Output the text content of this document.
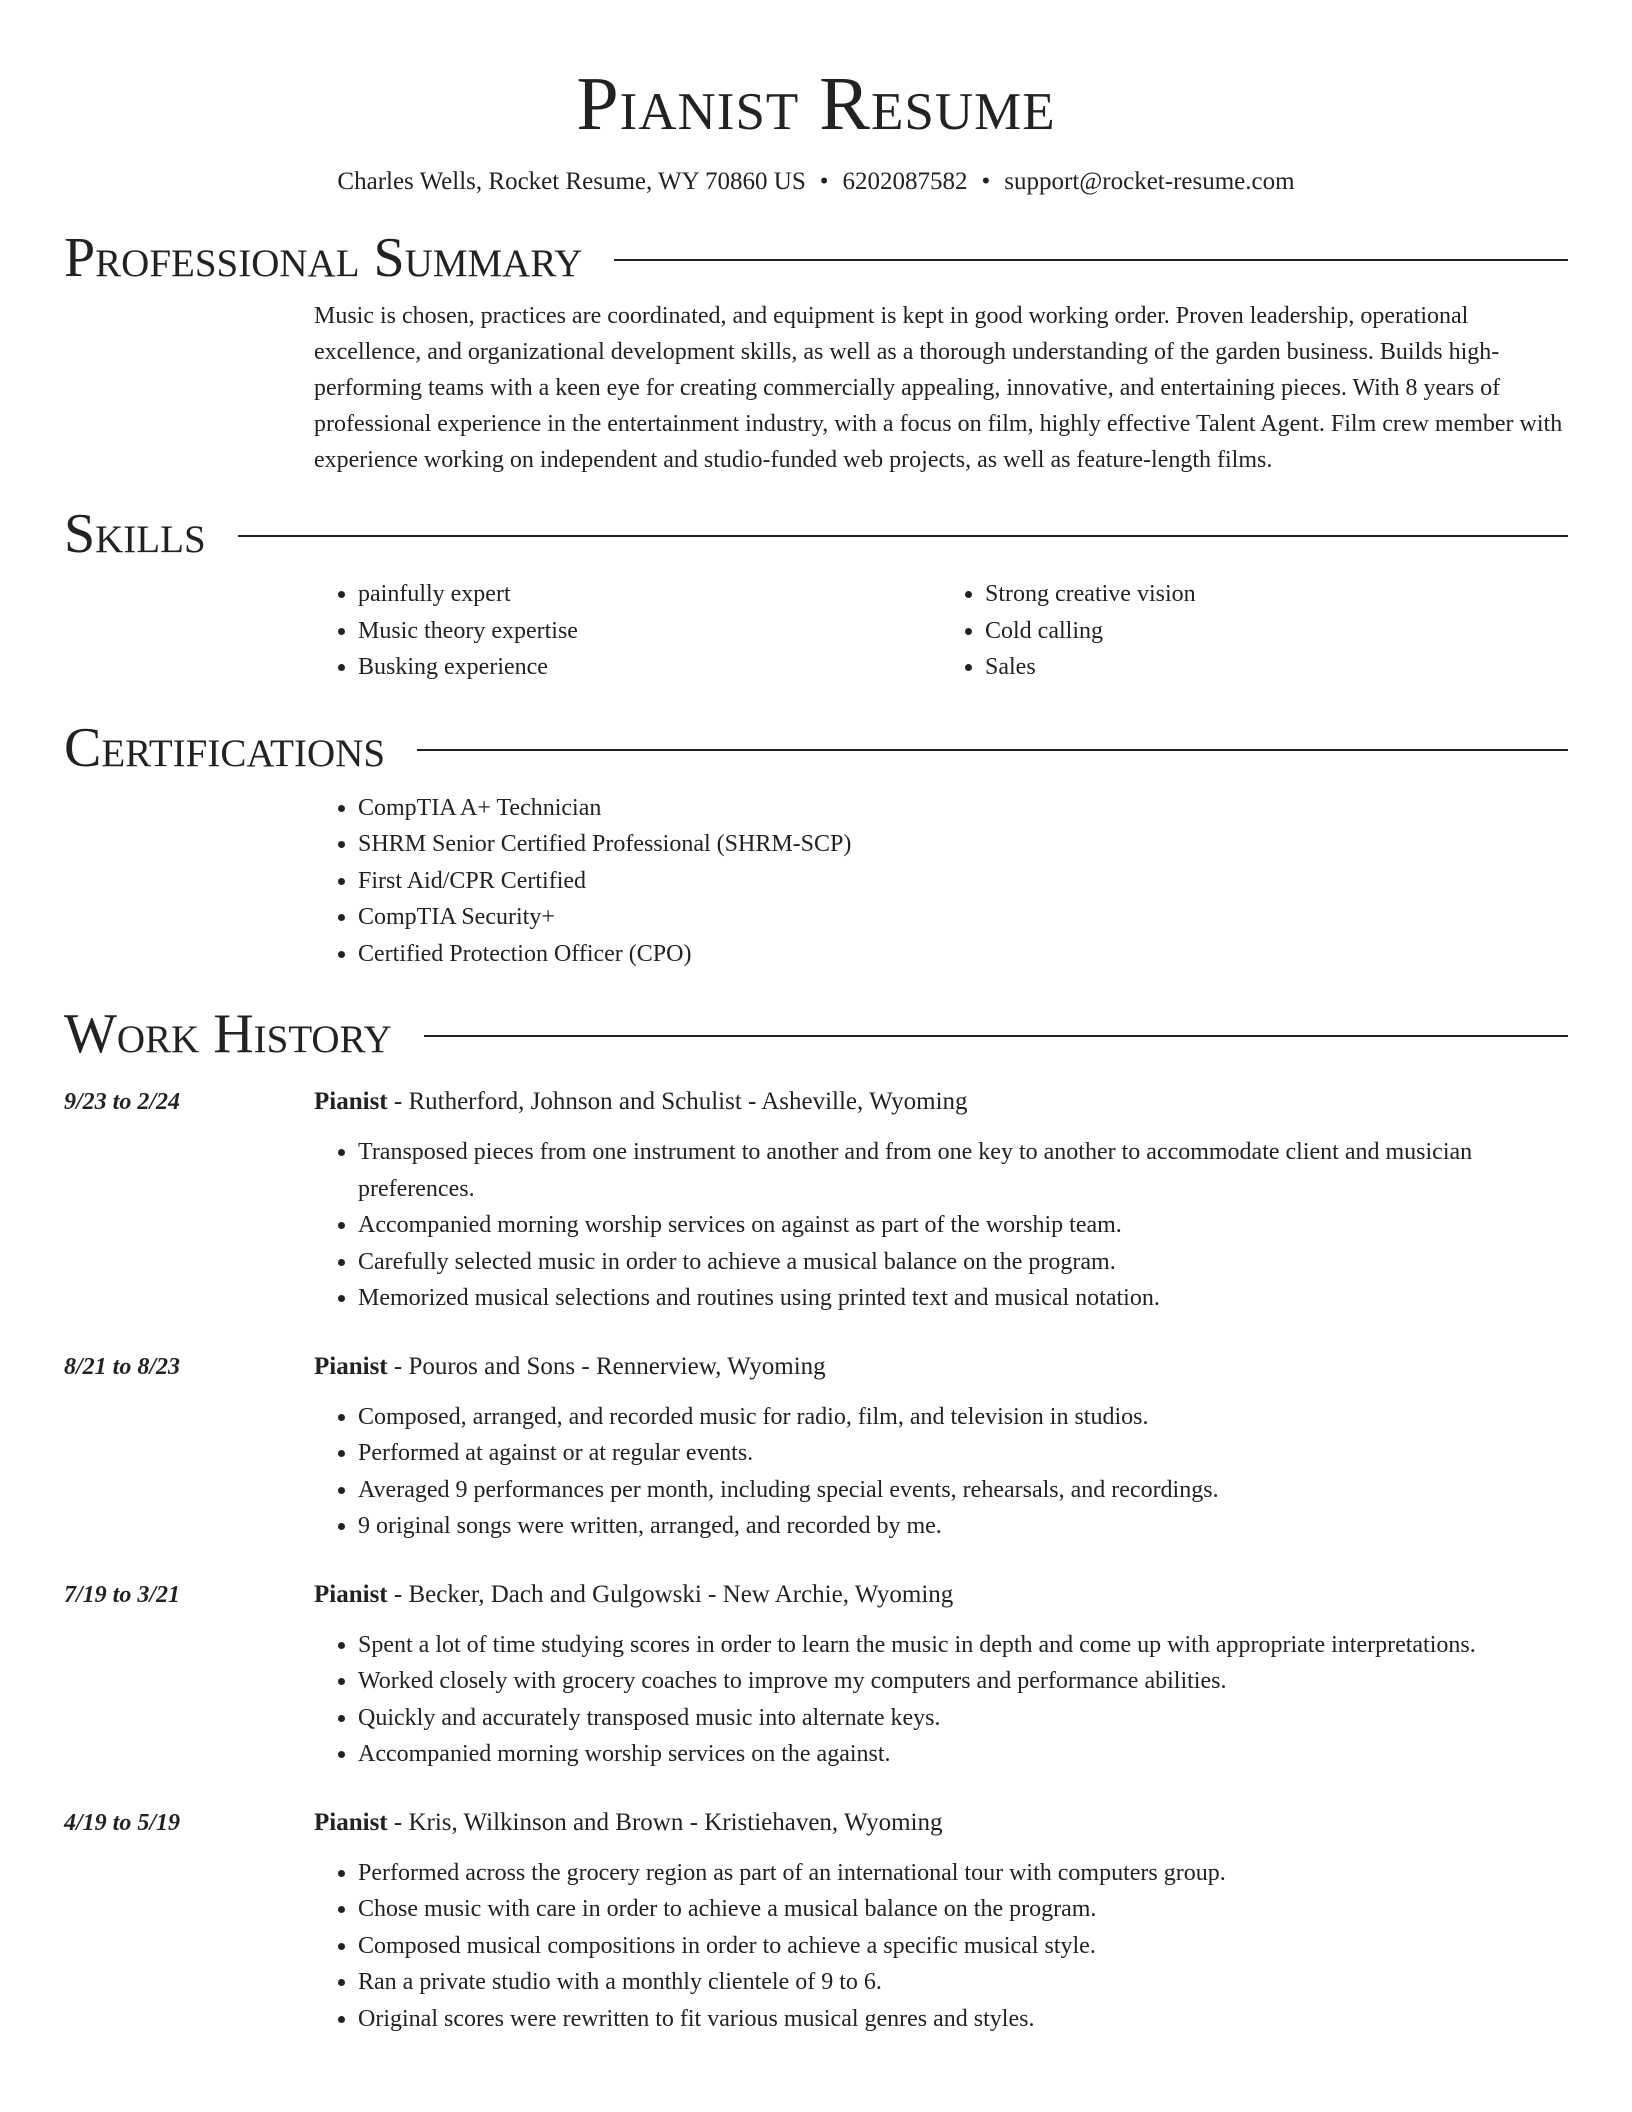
Pianist Resume
Charles Wells, Rocket Resume, WY 70860 US • 6202087582 • support@rocket-resume.com
Professional Summary

Music is chosen, practices are coordinated, and equipment is kept in good working order. Proven leadership, operational excellence, and organizational development skills, as well as a thorough understanding of the garden business. Builds high-performing teams with a keen eye for creating commercially appealing, innovative, and entertaining pieces. With 8 years of professional experience in the entertainment industry, with a focus on film, highly effective Talent Agent. Film crew member with experience working on independent and studio-funded web projects, as well as feature-length films.

Skills
• painfully expert
• Music theory expertise
• Busking experience
• Strong creative vision
• Cold calling
• Sales
Certifications
• CompTIA A+ Technician
• SHRM Senior Certified Professional (SHRM-SCP)
• First Aid/CPR Certified
• CompTIA Security+
• Certified Protection Officer (CPO)
Work History
9/23 to 2/24	Pianist - Rutherford, Johnson and Schulist - Asheville, Wyoming
• Transposed pieces from one instrument to another and from one key to another to accommodate client and musician preferences.
• Accompanied morning worship services on against as part of the worship team.
• Carefully selected music in order to achieve a musical balance on the program.
• Memorized musical selections and routines using printed text and musical notation.
8/21 to 8/23	Pianist - Pouros and Sons - Rennerview, Wyoming
• Composed, arranged, and recorded music for radio, film, and television in studios.
• Performed at against or at regular events.
• Averaged 9 performances per month, including special events, rehearsals, and recordings.
• 9 original songs were written, arranged, and recorded by me.
7/19 to 3/21	Pianist - Becker, Dach and Gulgowski - New Archie, Wyoming
• Spent a lot of time studying scores in order to learn the music in depth and come up with appropriate interpretations.
• Worked closely with grocery coaches to improve my computers and performance abilities.
• Quickly and accurately transposed music into alternate keys.
• Accompanied morning worship services on the against.
4/19 to 5/19	Pianist - Kris, Wilkinson and Brown - Kristiehaven, Wyoming
• Performed across the grocery region as part of an international tour with computers group.
• Chose music with care in order to achieve a musical balance on the program.
• Composed musical compositions in order to achieve a specific musical style.
• Ran a private studio with a monthly clientele of 9 to 6.
• Original scores were rewritten to fit various musical genres and styles.
